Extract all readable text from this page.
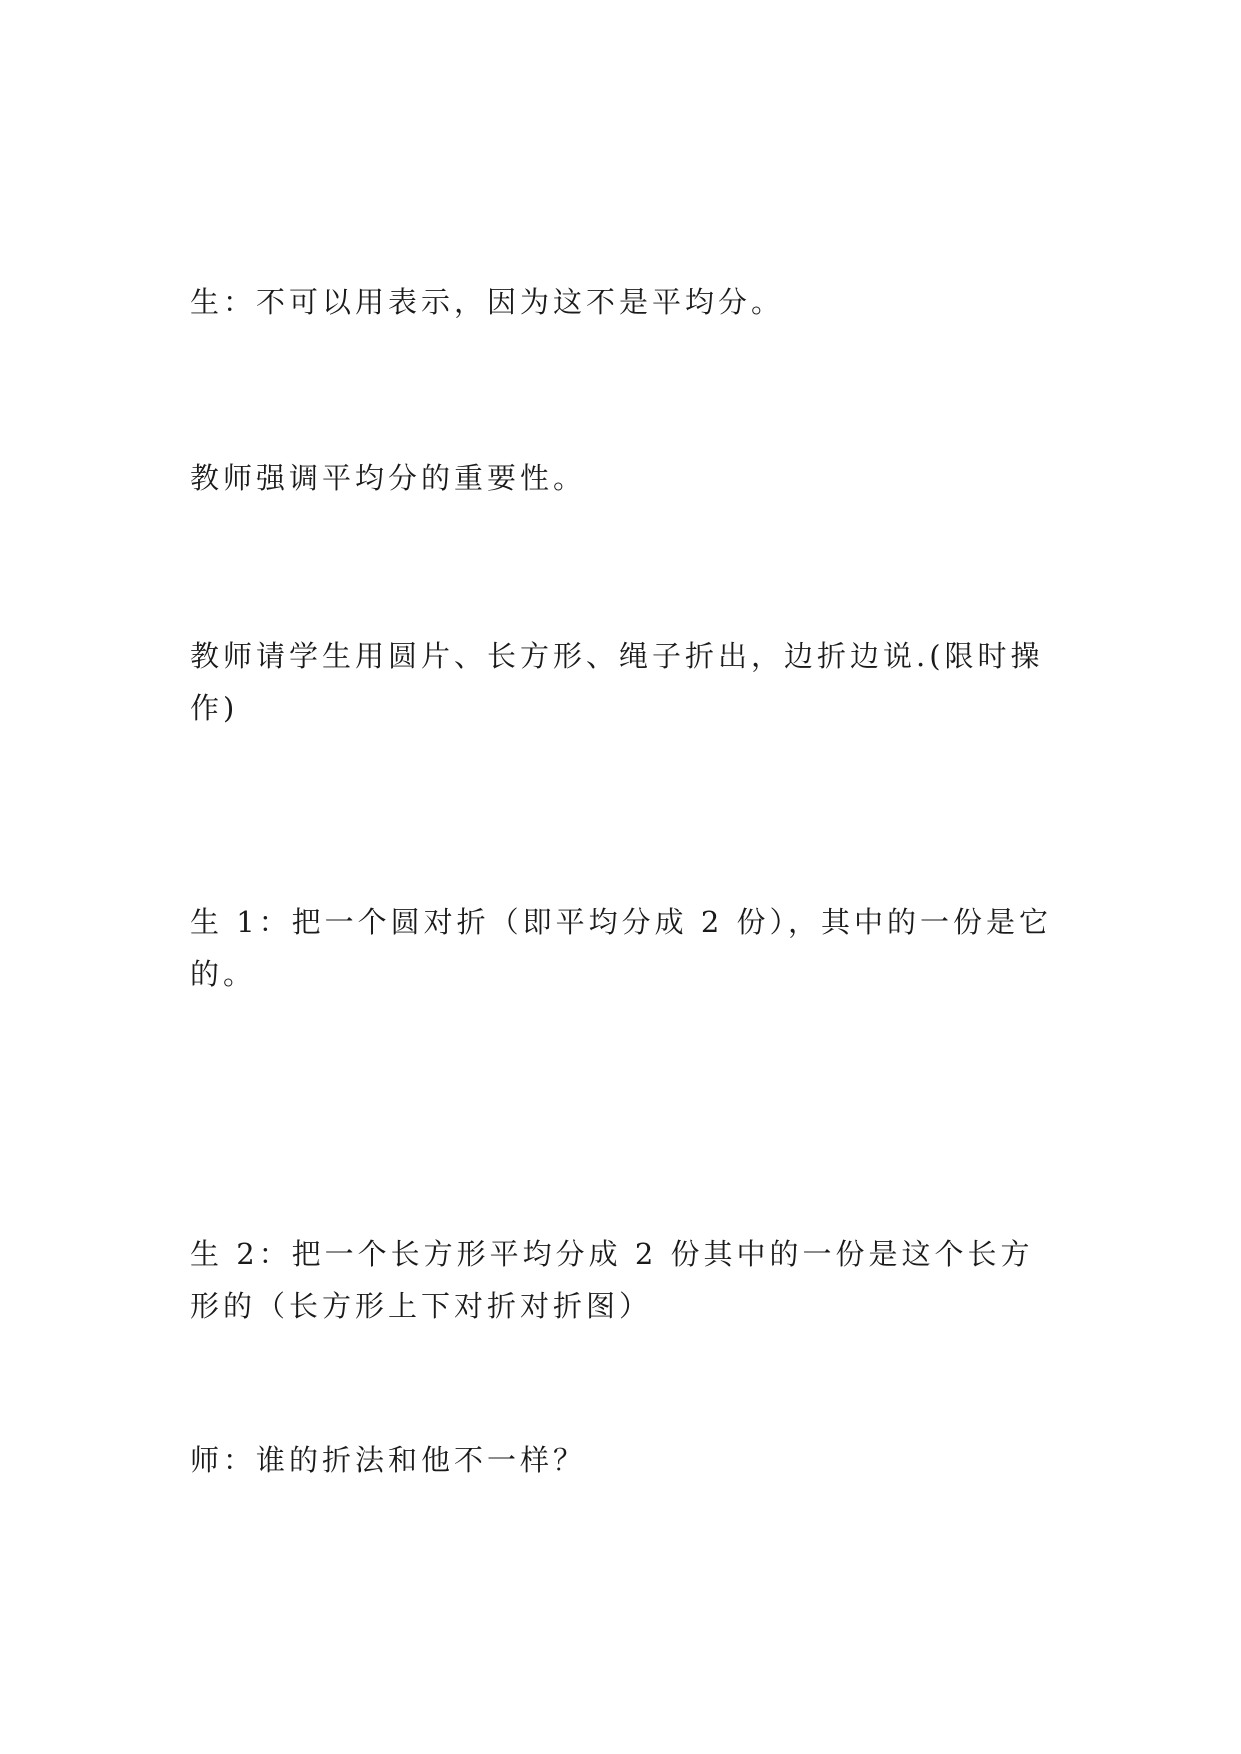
生：不可以用表示，因为这不是平均分。

教师强调平均分的重要性。

教师请学生用圆片、长方形、绳子折出，边折边说.(限时操作)

生 1：把一个圆对折（即平均分成 2 份），其中的一份是它的。

生 2：把一个长方形平均分成 2 份其中的一份是这个长方形的（长方形上下对折对折图）

师：谁的折法和他不一样？
